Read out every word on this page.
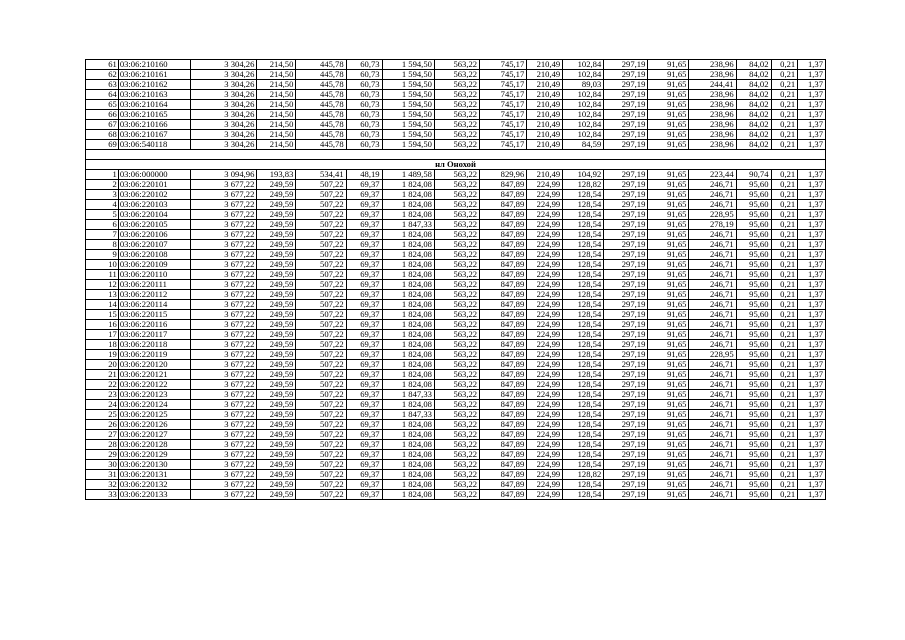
61	03:06:210160	3 304,26	214,50	445,78	60,73	1 594,50	563,22	745,17	210,49	102,84	297,19	91,65	238,96	84,02	0,21	1,37
62	03:06:210161	3 304,26	214,50	445,78	60,73	1 594,50	563,22	745,17	210,49	102,84	297,19	91,65	238,96	84,02	0,21	1,37
63	03:06:210162	3 304,26	214,50	445,78	60,73	1 594,50	563,22	745,17	210,49	89,03	297,19	91,65	244,41	84,02	0,21	1,37
64	03:06:210163	3 304,26	214,50	445,78	60,73	1 594,50	563,22	745,17	210,49	102,84	297,19	91,65	238,96	84,02	0,21	1,37
65	03:06:210164	3 304,26	214,50	445,78	60,73	1 594,50	563,22	745,17	210,49	102,84	297,19	91,65	238,96	84,02	0,21	1,37
66	03:06:210165	3 304,26	214,50	445,78	60,73	1 594,50	563,22	745,17	210,49	102,84	297,19	91,65	238,96	84,02	0,21	1,37
67	03:06:210166	3 304,26	214,50	445,78	60,73	1 594,50	563,22	745,17	210,49	102,84	297,19	91,65	238,96	84,02	0,21	1,37
68	03:06:210167	3 304,26	214,50	445,78	60,73	1 594,50	563,22	745,17	210,49	102,84	297,19	91,65	238,96	84,02	0,21	1,37
69	03:06:540118	3 304,26	214,50	445,78	60,73	1 594,50	563,22	745,17	210,49	84,59	297,19	91,65	238,96	84,02	0,21	1,37

нл Онохой																
1	03:06:000000	3 094,96	193,83	534,41	48,19	1 489,58	563,22	829,96	210,49	104,92	297,19	91,65	223,44	90,74	0,21	1,37
2	03:06:220101	3 677,22	249,59	507,22	69,37	1 824,08	563,22	847,89	224,99	128,82	297,19	91,65	246,71	95,60	0,21	1,37
3	03:06:220102	3 677,22	249,59	507,22	69,37	1 824,08	563,22	847,89	224,99	128,54	297,19	91,65	246,71	95,60	0,21	1,37
4	03:06:220103	3 677,22	249,59	507,22	69,37	1 824,08	563,22	847,89	224,99	128,54	297,19	91,65	246,71	95,60	0,21	1,37
5	03:06:220104	3 677,22	249,59	507,22	69,37	1 824,08	563,22	847,89	224,99	128,54	297,19	91,65	228,95	95,60	0,21	1,37
6	03:06:220105	3 677,22	249,59	507,22	69,37	1 847,33	563,22	847,89	224,99	128,54	297,19	91,65	278,19	95,60	0,21	1,37
7	03:06:220106	3 677,22	249,59	507,22	69,37	1 824,08	563,22	847,89	224,99	128,54	297,19	91,65	246,71	95,60	0,21	1,37
8	03:06:220107	3 677,22	249,59	507,22	69,37	1 824,08	563,22	847,89	224,99	128,54	297,19	91,65	246,71	95,60	0,21	1,37
9	03:06:220108	3 677,22	249,59	507,22	69,37	1 824,08	563,22	847,89	224,99	128,54	297,19	91,65	246,71	95,60	0,21	1,37
10	03:06:220109	3 677,22	249,59	507,22	69,37	1 824,08	563,22	847,89	224,99	128,54	297,19	91,65	246,71	95,60	0,21	1,37
11	03:06:220110	3 677,22	249,59	507,22	69,37	1 824,08	563,22	847,89	224,99	128,54	297,19	91,65	246,71	95,60	0,21	1,37
12	03:06:220111	3 677,22	249,59	507,22	69,37	1 824,08	563,22	847,89	224,99	128,54	297,19	91,65	246,71	95,60	0,21	1,37
13	03:06:220112	3 677,22	249,59	507,22	69,37	1 824,08	563,22	847,89	224,99	128,54	297,19	91,65	246,71	95,60	0,21	1,37
14	03:06:220114	3 677,22	249,59	507,22	69,37	1 824,08	563,22	847,89	224,99	128,54	297,19	91,65	246,71	95,60	0,21	1,37
15	03:06:220115	3 677,22	249,59	507,22	69,37	1 824,08	563,22	847,89	224,99	128,54	297,19	91,65	246,71	95,60	0,21	1,37
16	03:06:220116	3 677,22	249,59	507,22	69,37	1 824,08	563,22	847,89	224,99	128,54	297,19	91,65	246,71	95,60	0,21	1,37
17	03:06:220117	3 677,22	249,59	507,22	69,37	1 824,08	563,22	847,89	224,99	128,54	297,19	91,65	246,71	95,60	0,21	1,37
18	03:06:220118	3 677,22	249,59	507,22	69,37	1 824,08	563,22	847,89	224,99	128,54	297,19	91,65	246,71	95,60	0,21	1,37
19	03:06:220119	3 677,22	249,59	507,22	69,37	1 824,08	563,22	847,89	224,99	128,54	297,19	91,65	228,95	95,60	0,21	1,37
20	03:06:220120	3 677,22	249,59	507,22	69,37	1 824,08	563,22	847,89	224,99	128,54	297,19	91,65	246,71	95,60	0,21	1,37
21	03:06:220121	3 677,22	249,59	507,22	69,37	1 824,08	563,22	847,89	224,99	128,54	297,19	91,65	246,71	95,60	0,21	1,37
22	03:06:220122	3 677,22	249,59	507,22	69,37	1 824,08	563,22	847,89	224,99	128,54	297,19	91,65	246,71	95,60	0,21	1,37
23	03:06:220123	3 677,22	249,59	507,22	69,37	1 847,33	563,22	847,89	224,99	128,54	297,19	91,65	246,71	95,60	0,21	1,37
24	03:06:220124	3 677,22	249,59	507,22	69,37	1 824,08	563,22	847,89	224,99	128,54	297,19	91,65	246,71	95,60	0,21	1,37
25	03:06:220125	3 677,22	249,59	507,22	69,37	1 847,33	563,22	847,89	224,99	128,54	297,19	91,65	246,71	95,60	0,21	1,37
26	03:06:220126	3 677,22	249,59	507,22	69,37	1 824,08	563,22	847,89	224,99	128,54	297,19	91,65	246,71	95,60	0,21	1,37
27	03:06:220127	3 677,22	249,59	507,22	69,37	1 824,08	563,22	847,89	224,99	128,54	297,19	91,65	246,71	95,60	0,21	1,37
28	03:06:220128	3 677,22	249,59	507,22	69,37	1 824,08	563,22	847,89	224,99	128,54	297,19	91,65	246,71	95,60	0,21	1,37
29	03:06:220129	3 677,22	249,59	507,22	69,37	1 824,08	563,22	847,89	224,99	128,54	297,19	91,65	246,71	95,60	0,21	1,37
30	03:06:220130	3 677,22	249,59	507,22	69,37	1 824,08	563,22	847,89	224,99	128,54	297,19	91,65	246,71	95,60	0,21	1,37
31	03:06:220131	3 677,22	249,59	507,22	69,37	1 824,08	563,22	847,89	224,99	128,82	297,19	91,65	246,71	95,60	0,21	1,37
32	03:06:220132	3 677,22	249,59	507,22	69,37	1 824,08	563,22	847,89	224,99	128,54	297,19	91,65	246,71	95,60	0,21	1,37
33	03:06:220133	3 677,22	249,59	507,22	69,37	1 824,08	563,22	847,89	224,99	128,54	297,19	91,65	246,71	95,60	0,21	1,37
